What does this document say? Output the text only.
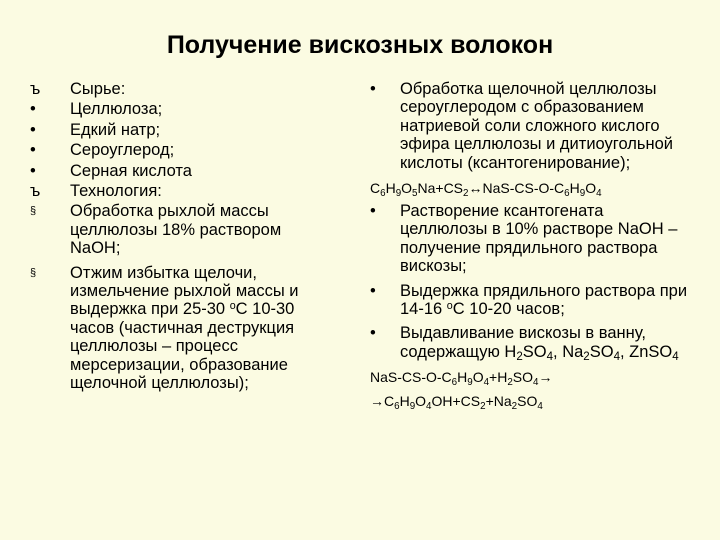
Получение вискозных волокон
ъ	Сырье:
•	Целлюлоза;
•	Едкий натр;
•	Сероуглерод;
•	Серная кислота
ъ	Технология:
§	Обработка рыхлой массы целлюлозы 18% раствором NaOH;
§	Отжим избытка щелочи, измельчение рыхлой массы и выдержка при 25-30 $^о$С 10-30 часов (частичная деструкция целлюлозы – процесс мерсеризации, образование щелочной целлюлозы);
•	Обработка щелочной целлюлозы сероуглеродом с образованием натриевой соли сложного кислого эфира целлюлозы и дитиоугольной кислоты (ксантогенирование);
$C_6H_9O_5Na+CS_2\leftrightarrow NaS-CS-O-C_6H_9O_4$
•	Растворение ксантогената целлюлозы в 10% растворе NaOH – получение прядильного раствора вискозы;
•	Выдержка прядильного раствора при 14-16 $^о$С 10-20 часов;
•	Выдавливание вискозы в ванну, содержащую $H_2SO_4$, $Na_2SO_4$, ZnSO$_4$
NaS-$CS-O-C_6H_9O_4+H_2SO_4\to$
$\to C_6H_9O_4OH+CS_2+Na_2SO_4$
